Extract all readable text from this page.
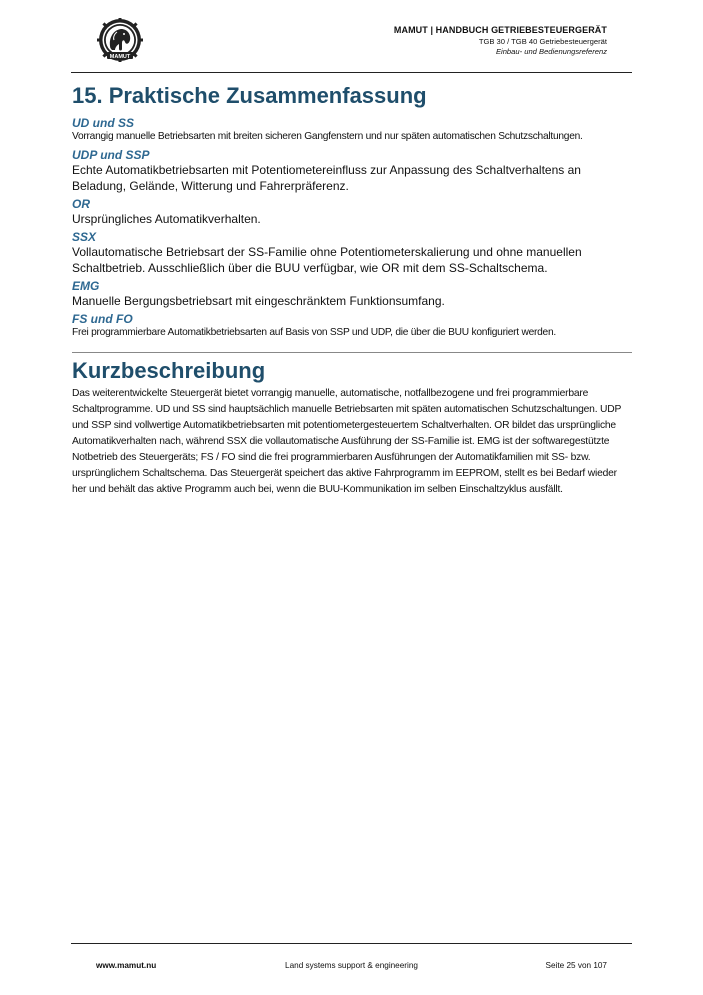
MAMUT
MAMUT | HANDBUCH GETRIEBESTEUERGERÄT
TGB 30 / TGB 40 Getriebesteuergerät
Einbau- und Bedienungsreferenz
15. Praktische Zusammenfassung
UD und SS
Vorrangig manuelle Betriebsarten mit breiten sicheren Gangfenstern und nur späten automatischen Schutzschaltungen.
UDP und SSP
Echte Automatikbetriebsarten mit Potentiometereinfluss zur Anpassung des Schaltverhaltens an Beladung, Gelände, Witterung und Fahrerpräferenz.
OR
Ursprüngliches Automatikverhalten.
SSX
Vollautomatische Betriebsart der SS-Familie ohne Potentiometerskalierung und ohne manuellen Schaltbetrieb. Ausschließlich über die BUU verfügbar, wie OR mit dem SS-Schaltschema.
EMG
Manuelle Bergungsbetriebsart mit eingeschränktem Funktionsumfang.
FS und FO
Frei programmierbare Automatikbetriebsarten auf Basis von SSP und UDP, die über die BUU konfiguriert werden.
Kurzbeschreibung
Das weiterentwickelte Steuergerät bietet vorrangig manuelle, automatische, notfallbezogene und frei programmierbare Schaltprogramme. UD und SS sind hauptsächlich manuelle Betriebsarten mit späten automatischen Schutzschaltungen. UDP und SSP sind vollwertige Automatikbetriebsarten mit potentiometergesteuertem Schaltverhalten. OR bildet das ursprüngliche Automatikverhalten nach, während SSX die vollautomatische Ausführung der SS-Familie ist. EMG ist der softwaregestützte Notbetrieb des Steuergeräts; FS / FO sind die frei programmierbaren Ausführungen der Automatikfamilien mit SS- bzw. ursprünglichem Schaltschema. Das Steuergerät speichert das aktive Fahrprogramm im EEPROM, stellt es bei Bedarf wieder her und behält das aktive Programm auch bei, wenn die BUU-Kommunikation im selben Einschaltzyklus ausfällt.
Land systems support & engineering
www.mamut.nu	Seite 25 von 107
